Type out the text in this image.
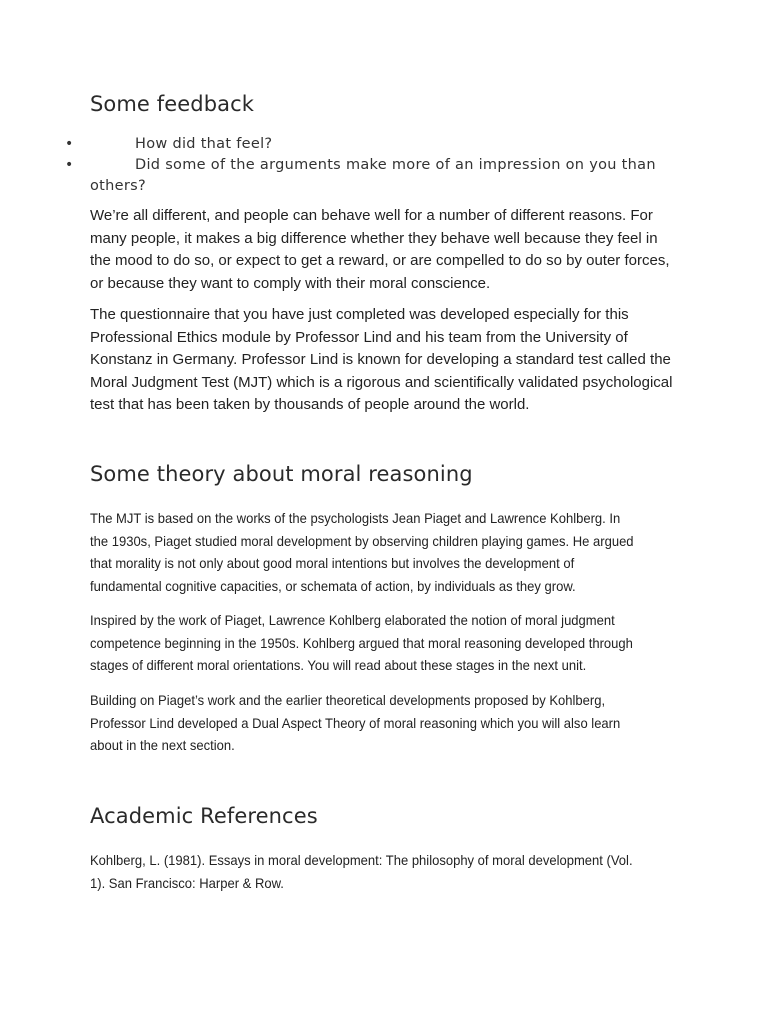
Some feedback
•	How did that feel?
•	Did some of the arguments make more of an impression on you than others?

We’re all different, and people can behave well for a number of different reasons. For many people, it makes a big difference whether they behave well because they feel in the mood to do so, or expect to get a reward, or are compelled to do so by outer forces, or because they want to comply with their moral conscience.

The questionnaire that you have just completed was developed especially for this Professional Ethics module by Professor Lind and his team from the University of Konstanz in Germany. Professor Lind is known for developing a standard test called the Moral Judgment Test (MJT) which is a rigorous and scientifically validated psychological test that has been taken by thousands of people around the world.

Some theory about moral reasoning

The MJT is based on the works of the psychologists Jean Piaget and Lawrence Kohlberg. In the 1930s, Piaget studied moral development by observing children playing games. He argued that morality is not only about good moral intentions but involves the development of fundamental cognitive capacities, or schemata of action, by individuals as they grow.

Inspired by the work of Piaget, Lawrence Kohlberg elaborated the notion of moral judgment competence beginning in the 1950s. Kohlberg argued that moral reasoning developed through stages of different moral orientations. You will read about these stages in the next unit.

Building on Piaget’s work and the earlier theoretical developments proposed by Kohlberg, Professor Lind developed a Dual Aspect Theory of moral reasoning which you will also learn about in the next section.

Academic References

Kohlberg, L. (1981). Essays in moral development: The philosophy of moral development (Vol. 1). San Francisco: Harper & Row.
